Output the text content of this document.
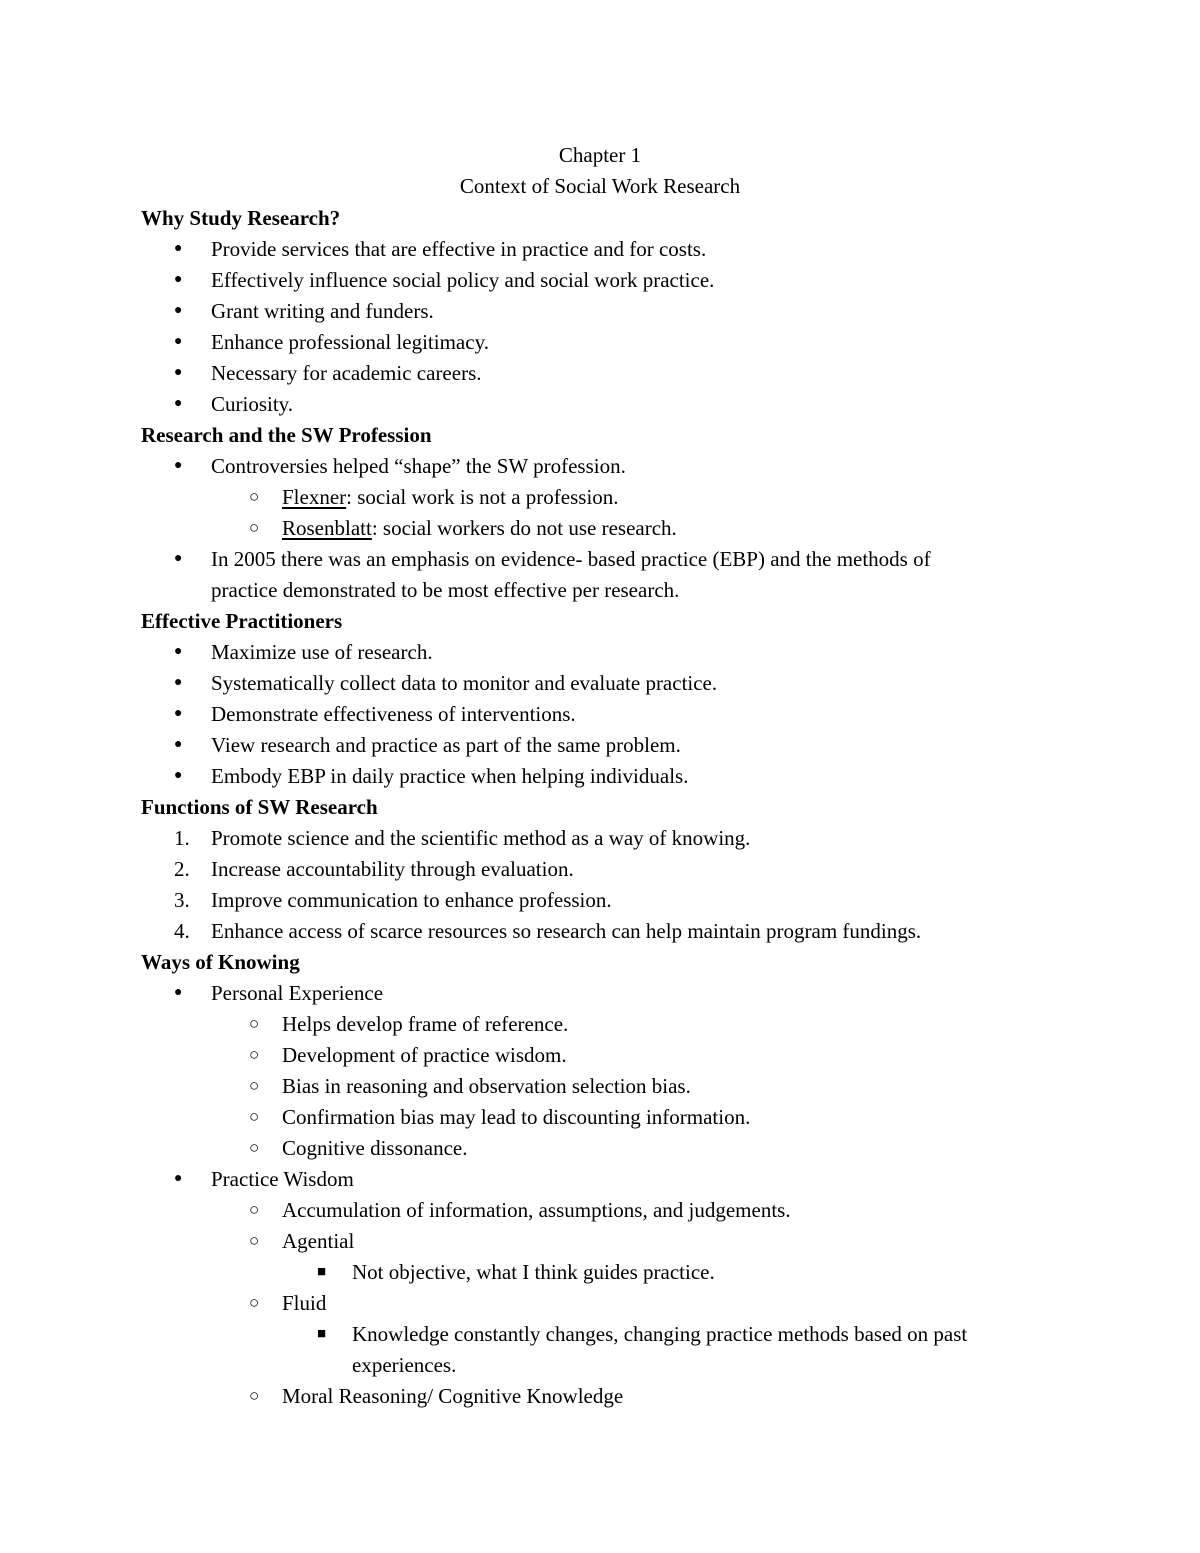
Chapter 1
Context of Social Work Research
Why Study Research?
● Provide services that are effective in practice and for costs.
● Effectively influence social policy and social work practice.
● Grant writing and funders.
● Enhance professional legitimacy.
● Necessary for academic careers.
● Curiosity.
Research and the SW Profession
● Controversies helped “shape” the SW profession.
○ Flexner: social work is not a profession.
○ Rosenblatt: social workers do not use research.
● In 2005 there was an emphasis on evidence- based practice (EBP) and the methods of
practice demonstrated to be most effective per research.
Effective Practitioners
● Maximize use of research.
● Systematically collect data to monitor and evaluate practice.
● Demonstrate effectiveness of interventions.
● View research and practice as part of the same problem.
● Embody EBP in daily practice when helping individuals.
Functions of SW Research
1. Promote science and the scientific method as a way of knowing.
2. Increase accountability through evaluation.
3. Improve communication to enhance profession.
4. Enhance access of scarce resources so research can help maintain program fundings.
Ways of Knowing
● Personal Experience
○ Helps develop frame of reference.
○ Development of practice wisdom.
○ Bias in reasoning and observation selection bias.
○ Confirmation bias may lead to discounting information.
○ Cognitive dissonance.
● Practice Wisdom
○ Accumulation of information, assumptions, and judgements.
○ Agential
■ Not objective, what I think guides practice.
○ Fluid
■ Knowledge constantly changes, changing practice methods based on past
experiences.
○ Moral Reasoning/ Cognitive Knowledge
